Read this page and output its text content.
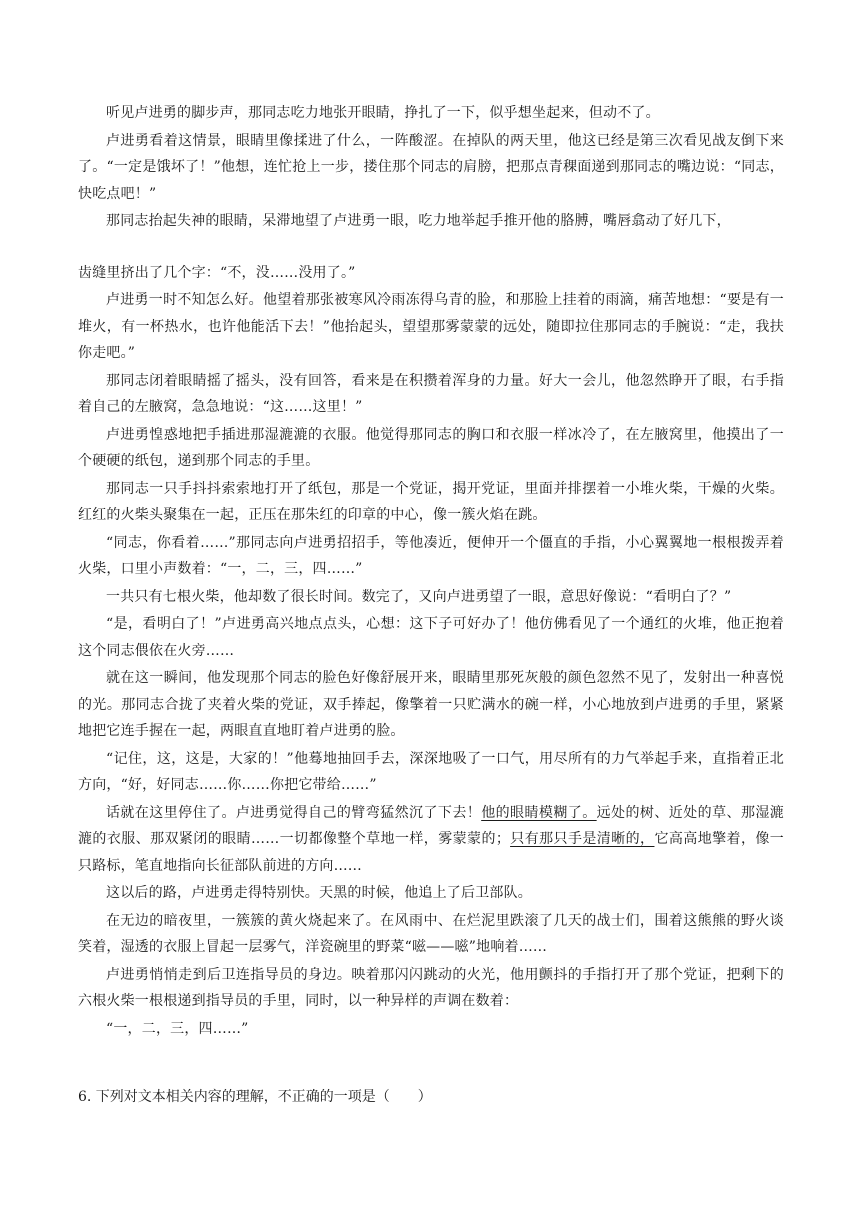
听见卢进勇的脚步声，那同志吃力地张开眼睛，挣扎了一下，似乎想坐起来，但动不了。

卢进勇看着这情景，眼睛里像揉进了什么，一阵酸涩。在掉队的两天里，他这已经是第三次看见战友倒下来了。“一定是饿坏了！”他想，连忙抢上一步，搂住那个同志的肩膀，把那点青稞面递到那同志的嘴边说：“同志，快吃点吧！”

那同志抬起失神的眼睛，呆滞地望了卢进勇一眼，吃力地举起手推开他的胳膊，嘴唇翕动了好几下，

齿缝里挤出了几个字：“不，没……没用了。”

卢进勇一时不知怎么好。他望着那张被寒风冷雨冻得乌青的脸，和那脸上挂着的雨滴，痛苦地想：“要是有一堆火，有一杯热水，也许他能活下去！”他抬起头，望望那雾蒙蒙的远处，随即拉住那同志的手腕说：“走，我扶你走吧。”

那同志闭着眼睛摇了摇头，没有回答，看来是在积攒着浑身的力量。好大一会儿，他忽然睁开了眼，右手指着自己的左腋窝，急急地说：“这……这里！”

卢进勇惶惑地把手插进那湿漉漉的衣服。他觉得那同志的胸口和衣服一样冰冷了，在左腋窝里，他摸出了一个硬硬的纸包，递到那个同志的手里。

那同志一只手抖抖索索地打开了纸包，那是一个党证，揭开党证，里面并排摆着一小堆火柴，干燥的火柴。红红的火柴头聚集在一起，正压在那朱红的印章的中心，像一簇火焰在跳。

“同志，你看着……”那同志向卢进勇招招手，等他凑近，便伸开一个僵直的手指，小心翼翼地一根根拨弄着火柴，口里小声数着：“一，二，三，四……”

一共只有七根火柴，他却数了很长时间。数完了，又向卢进勇望了一眼，意思好像说：“看明白了？”

“是，看明白了！”卢进勇高兴地点点头，心想：这下子可好办了！他仿佛看见了一个通红的火堆，他正抱着这个同志偎依在火旁……

就在这一瞬间，他发现那个同志的脸色好像舒展开来，眼睛里那死灰般的颜色忽然不见了，发射出一种喜悦的光。那同志合拢了夹着火柴的党证，双手捧起，像擎着一只贮满水的碗一样，小心地放到卢进勇的手里，紧紧地把它连手握在一起，两眼直直地盯着卢进勇的脸。

“记住，这，这是，大家的！”他蓦地抽回手去，深深地吸了一口气，用尽所有的力气举起手来，直指着正北方向，“好，好同志……你……你把它带给……”

话就在这里停住了。卢进勇觉得自己的臂弯猛然沉了下去！他的眼睛模糊了。远处的树、近处的草、那湿漉漉的衣服、那双紧闭的眼睛……一切都像整个草地一样，雾蒙蒙的；只有那只手是清晰的，它高高地擎着，像一只路标，笔直地指向长征部队前进的方向……

这以后的路，卢进勇走得特别快。天黑的时候，他追上了后卫部队。

在无边的暗夜里，一簇簇的黄火烧起来了。在风雨中、在烂泥里跌滚了几天的战士们，围着这熊熊的野火谈笑着，湿透的衣服上冒起一层雾气，洋瓷碗里的野菜“嗞——嗞”地响着……

卢进勇悄悄走到后卫连指导员的身边。映着那闪闪跳动的火光，他用颤抖的手指打开了那个党证，把剩下的六根火柴一根根递到指导员的手里，同时，以一种异样的声调在数着：

“一，二，三，四……”

6. 下列对文本相关内容的理解，不正确的一项是（　　）
